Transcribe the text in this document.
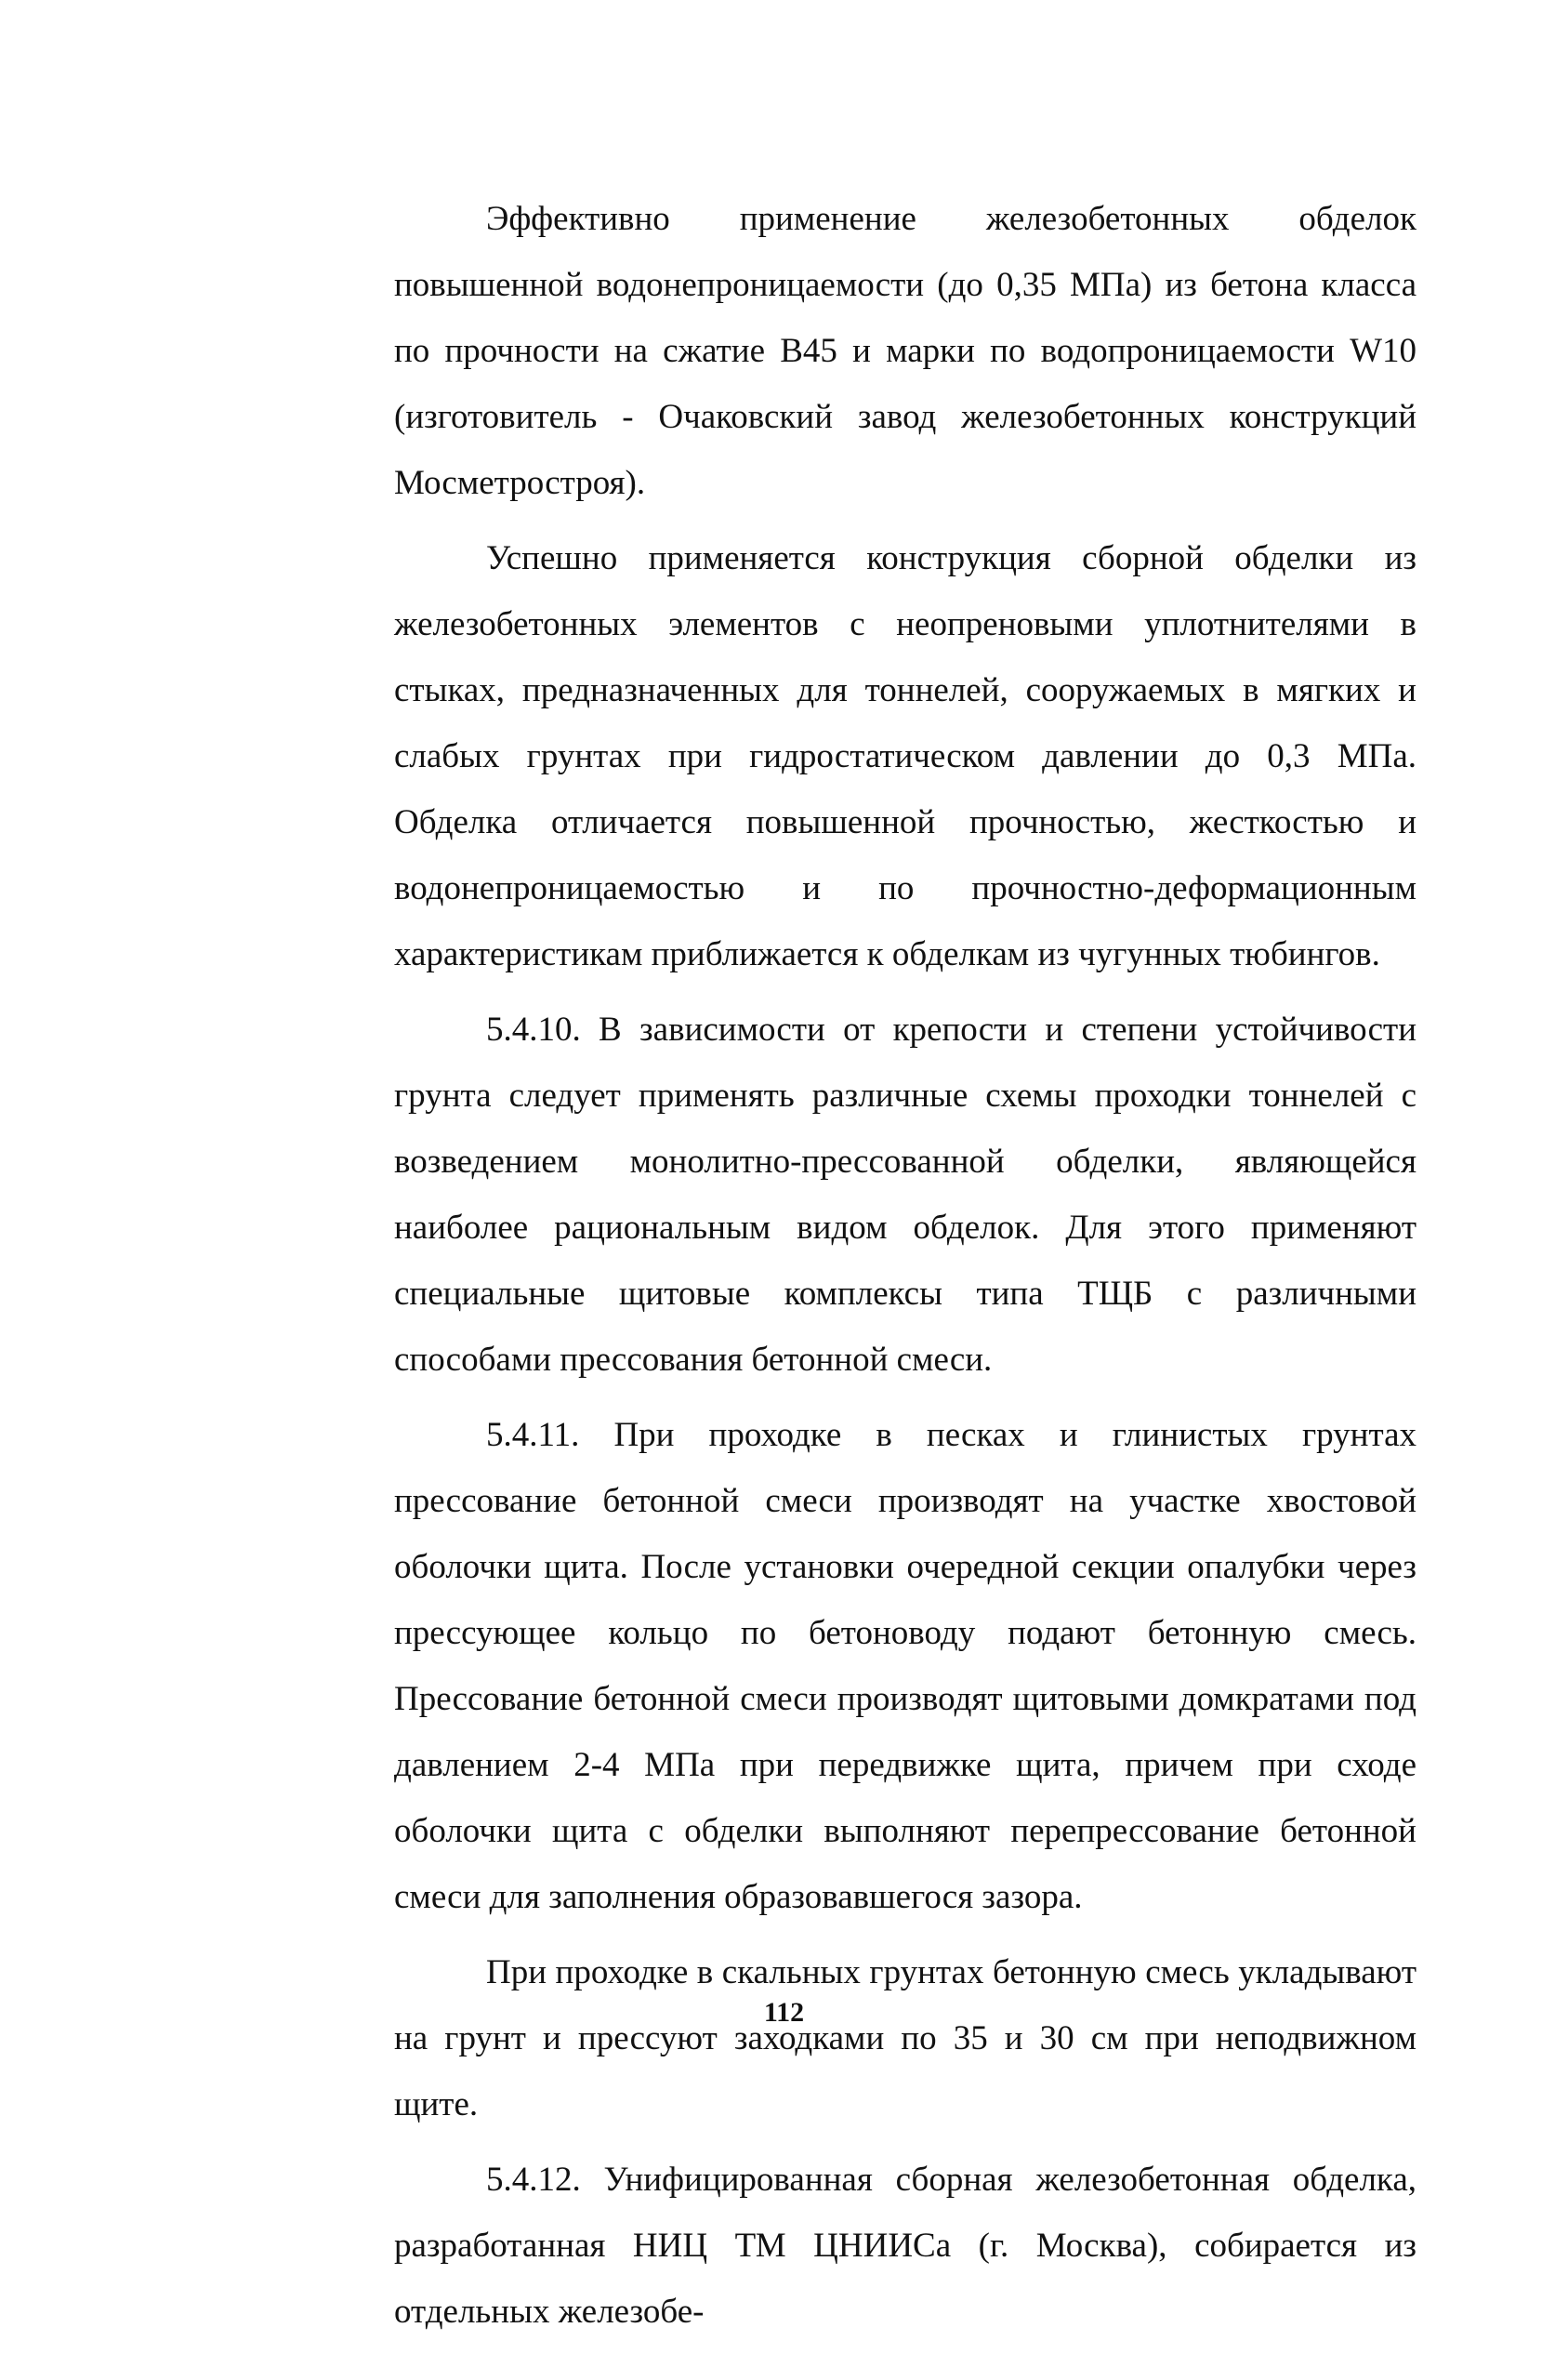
Эффективно применение железобетонных обделок повышенной водонепроницаемости (до 0,35 МПа) из бетона класса по прочности на сжатие В45 и марки по водопроницаемости W10 (изготовитель - Очаковский завод железобетонных конструкций Мосметростроя).

Успешно применяется конструкция сборной обделки из железобетонных элементов с неопреновыми уплотнителями в стыках, предназначенных для тоннелей, сооружаемых в мягких и слабых грунтах при гидростатическом давлении до 0,3 МПа. Обделка отличается повышенной прочностью, жесткостью и водонепроницаемостью и по прочностно-деформационным характеристикам приближается к обделкам из чугунных тюбингов.

5.4.10. В зависимости от крепости и степени устойчивости грунта следует применять различные схемы проходки тоннелей с возведением монолитно-прессованной обделки, являющейся наиболее рациональным видом обделок. Для этого применяют специальные щитовые комплексы типа ТЩБ с различными способами прессования бетонной смеси.

5.4.11. При проходке в песках и глинистых грунтах прессование бетонной смеси производят на участке хвостовой оболочки щита. После установки очередной секции опалубки через прессующее кольцо по бетоноводу подают бетонную смесь. Прессование бетонной смеси производят щитовыми домкратами под давлением 2-4 МПа при передвижке щита, причем при сходе оболочки щита с обделки выполняют перепрессование бетонной смеси для заполнения образовавшегося зазора.

При проходке в скальных грунтах бетонную смесь укладывают на грунт и прессуют заходками по 35 и 30 см при неподвижном щите.

5.4.12. Унифицированная сборная железобетонная обделка, разработанная НИЦ ТМ ЦНИИСа (г. Москва), собирается из отдельных железобе-

112
